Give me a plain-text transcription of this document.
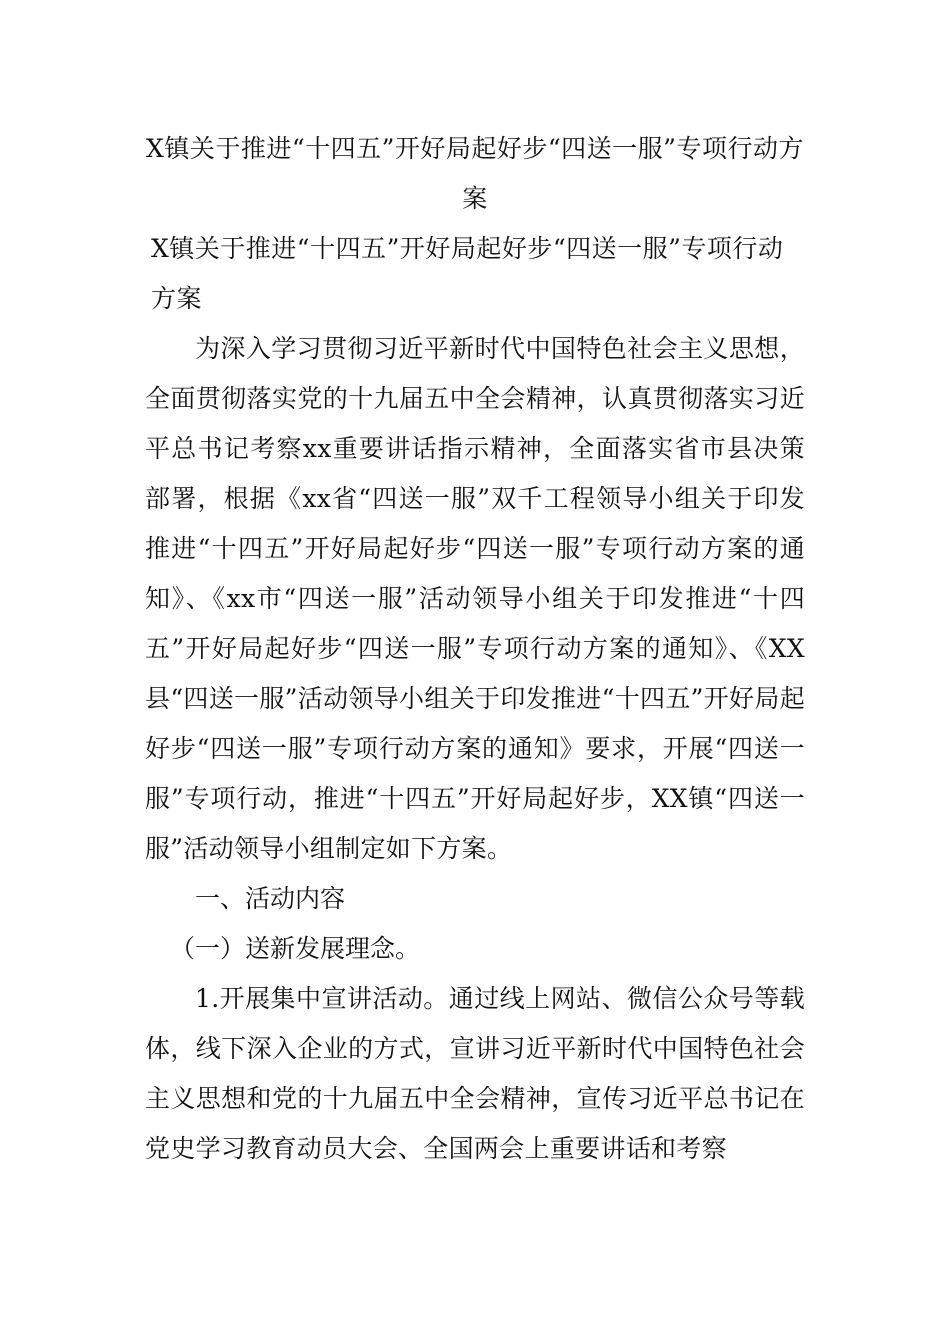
X镇关于推进“十四五”开好局起好步“四送一服”专项行动方案

X镇关于推进“十四五”开好局起好步“四送一服”专项行动方案

为深入学习贯彻习近平新时代中国特色社会主义思想，全面贯彻落实党的十九届五中全会精神，认真贯彻落实习近平总书记考察xx重要讲话指示精神，全面落实省市县决策部署，根据《xx省“四送一服”双千工程领导小组关于印发推进“十四五”开好局起好步“四送一服”专项行动方案的通知》、《xx市“四送一服”活动领导小组关于印发推进“十四五”开好局起好步“四送一服”专项行动方案的通知》、《XX县“四送一服”活动领导小组关于印发推进“十四五”开好局起好步“四送一服”专项行动方案的通知》要求，开展“四送一服”专项行动，推进“十四五”开好局起好步，XX镇“四送一服”活动领导小组制定如下方案。

一、活动内容

（一）送新发展理念。

1.开展集中宣讲活动。通过线上网站、微信公众号等载体，线下深入企业的方式，宣讲习近平新时代中国特色社会主义思想和党的十九届五中全会精神，宣传习近平总书记在党史学习教育动员大会、全国两会上重要讲话和考察
